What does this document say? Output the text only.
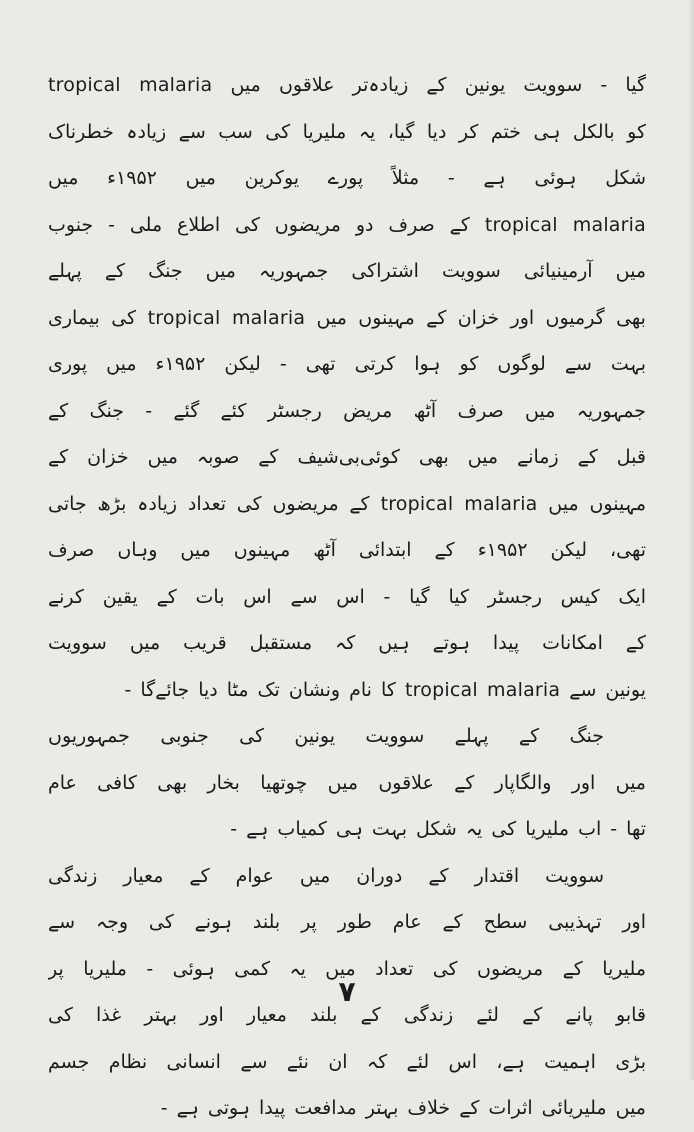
گیا - سوویت یونین کے زیادہ‌تر علاقوں میں tropical malaria
کو بالکل ہی ختم کر دیا گیا، یہ ملیریا کی سب سے زیادہ خطرناک
شکل ہوئی ہے - مثلاً پورے یوکرین میں ۱۹۵۲ء میں
tropical malaria کے صرف دو مریضوں کی اطلاع ملی - جنوب
میں آرمینیائی سوویت اشتراکی جمہوریہ میں جنگ کے پہلے
بھی گرمیوں اور خزان کے مہینوں میں tropical malaria کی بیماری
بہت سے لوگوں کو ہوا کرتی تھی - لیکن ۱۹۵۲ء میں پوری
جمہوریہ میں صرف آٹھ مریض رجسٹر کئے گئے - جنگ کے
قبل کے زمانے میں بھی کوئی‌بی‌شیف کے صوبہ میں خزان کے
مہینوں میں tropical malaria کے مریضوں کی تعداد زیادہ بڑھ جاتی
تھی، لیکن ۱۹۵۲ء کے ابتدائی آٹھ مہینوں میں وہاں صرف
ایک کیس رجسٹر کیا گیا - اس سے اس بات کے یقین کرنے
کے امکانات پیدا ہوتے ہیں کہ مستقبل قریب میں سوویت
یونین سے tropical malaria کا نام ونشان تک مٹا دیا جائےگا -
جنگ کے پہلے سوویت یونین کی جنوبی جمہوریوں
میں اور والگاپار کے علاقوں میں چوتھیا بخار بھی کافی عام
تھا - اب ملیریا کی یہ شکل بہت ہی کمیاب ہے -
سوویت اقتدار کے دوران میں عوام کے معیار زندگی
اور تہذیبی سطح کے عام طور پر بلند ہونے کی وجہ سے
ملیریا کے مریضوں کی تعداد میں یہ کمی ہوئی - ملیریا پر
قابو پانے کے لئے زندگی کے بلند معیار اور بہتر غذا کی
بڑی اہمیت ہے، اس لئے کہ ان نئے سے انسانی نظام جسم
میں ملیریائی اثرات کے خلاف بہتر مدافعت پیدا ہوتی ہے -
٧
